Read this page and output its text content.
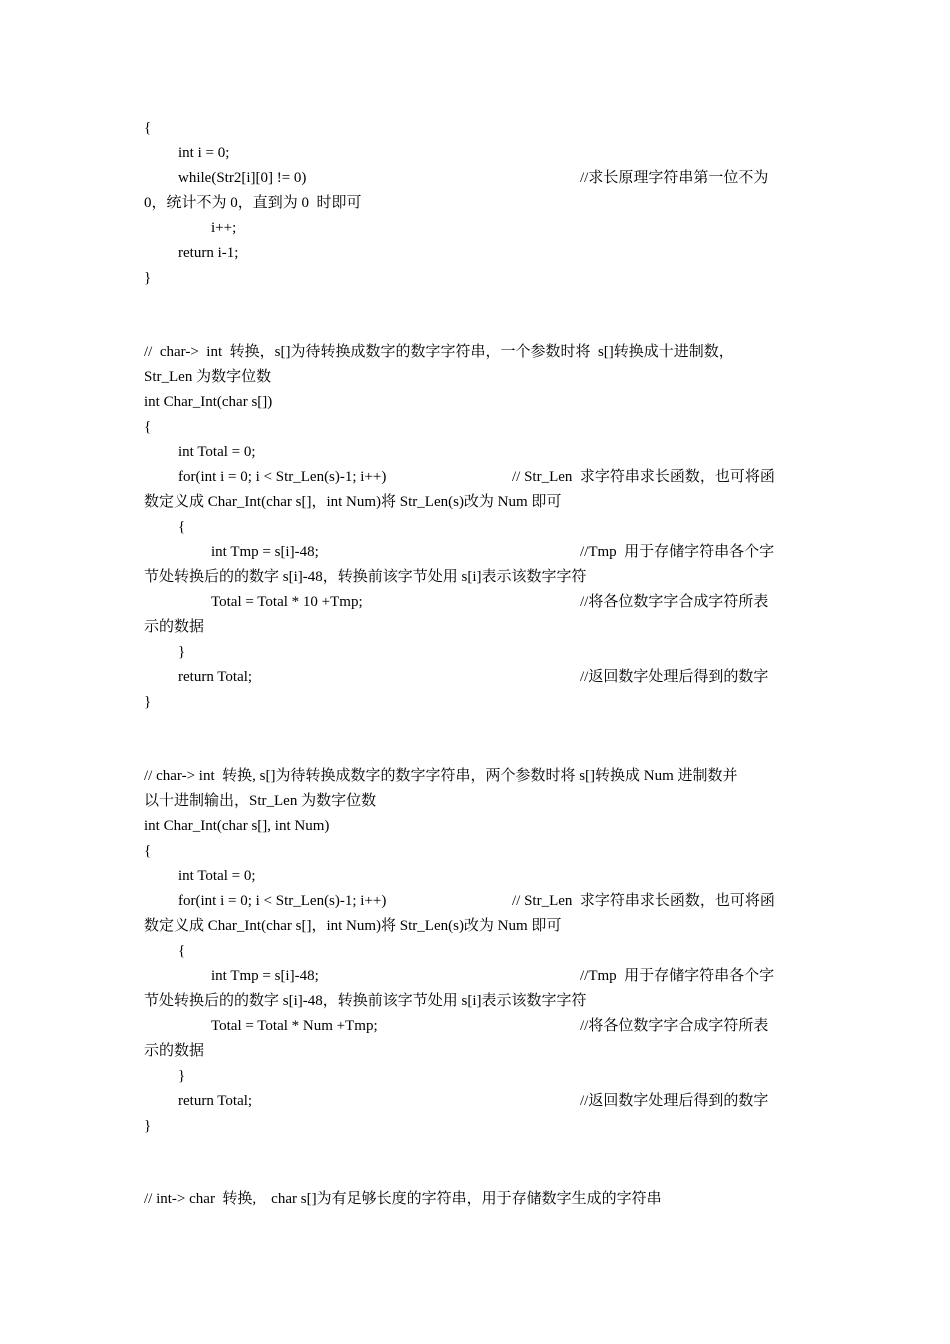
{
int i = 0;
while(Str2[i][0] != 0)	//求长原理字符串第一位不为
0，统计不为 0，直到为 0  时即可
i++;
return i-1;
}
//  char->  int  转换，s[]为待转换成数字的数字字符串，一个参数时将  s[]转换成十进制数，
Str_Len 为数字位数
int Char_Int(char s[])
{
int Total = 0;
for(int i = 0; i < Str_Len(s)-1; i++)	// Str_Len  求字符串求长函数，也可将函
数定义成 Char_Int(char s[]，int Num)将 Str_Len(s)改为 Num 即可
{
int Tmp = s[i]-48;	//Tmp  用于存储字符串各个字
节处转换后的的数字 s[i]-48，转换前该字节处用 s[i]表示该数字字符
Total = Total * 10 +Tmp;	//将各位数字字合成字符所表
示的数据
}
return Total;	//返回数字处理后得到的数字
}
// char-> int  转换, s[]为待转换成数字的数字字符串，两个参数时将 s[]转换成 Num 进制数并
以十进制输出，Str_Len 为数字位数
int Char_Int(char s[], int Num)
{
int Total = 0;
for(int i = 0; i < Str_Len(s)-1; i++)	// Str_Len  求字符串求长函数，也可将函
数定义成 Char_Int(char s[]，int Num)将 Str_Len(s)改为 Num 即可
{
int Tmp = s[i]-48;	//Tmp  用于存储字符串各个字
节处转换后的的数字 s[i]-48，转换前该字节处用 s[i]表示该数字字符
Total = Total * Num +Tmp;	//将各位数字字合成字符所表
示的数据
}
return Total;	//返回数字处理后得到的数字
}
// int-> char  转换,    char s[]为有足够长度的字符串，用于存储数字生成的字符串
